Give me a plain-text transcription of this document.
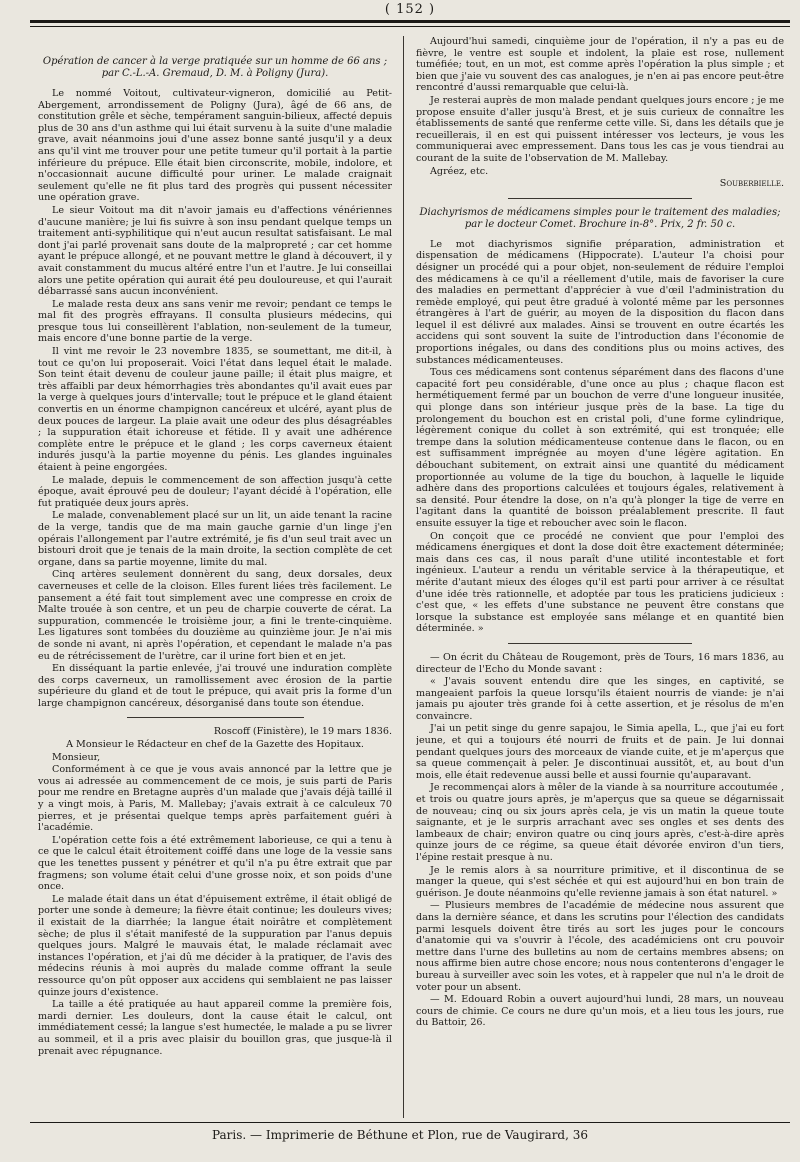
( 152 )

Opération de cancer à la verge pratiquée sur un homme de 66 ans ; par C.-L.-A. Gremaud, D. M. à Poligny (Jura).

Le nommé Voitout, cultivateur-vigneron, domicilié au Petit-Abergement, arrondissement de Poligny (Jura), âgé de 66 ans, de constitution grêle et sèche, tempérament sanguin-bilieux, affecté depuis plus de 30 ans d'un asthme qui lui était survenu à la suite d'une maladie grave, avait néanmoins joui d'une assez bonne santé jusqu'il y a deux ans qu'il vint me trouver pour une petite tumeur qu'il portait à la partie inférieure du prépuce. Elle était bien circonscrite, mobile, indolore, et n'occasionnait aucune difficulté pour uriner. Le malade craignait seulement qu'elle ne fit plus tard des progrès qui pussent nécessiter une opération grave.

Le sieur Voitout ma dit n'avoir jamais eu d'affections vénériennes d'aucune manière; je lui fis suivre à son insu pendant quelque temps un traitement anti-syphilitique qui n'eut aucun resultat satisfaisant. Le mal dont j'ai parlé provenait sans doute de la malpropreté ; car cet homme ayant le prépuce allongé, et ne pouvant mettre le gland à découvert, il y avait constamment du mucus altéré entre l'un et l'autre. Je lui conseillai alors une petite opération qui aurait été peu douloureuse, et qui l'aurait débarrassé sans aucun inconvénient.

Le malade resta deux ans sans venir me revoir; pendant ce temps le mal fit des progrès effrayans. Il consulta plusieurs médecins, qui presque tous lui conseillèrent l'ablation, non-seulement de la tumeur, mais encore d'une bonne partie de la verge.

Il vint me revoir le 23 novembre 1835, se soumettant, me dit-il, à tout ce qu'on lui proposerait. Voici l'état dans lequel était le malade. Son teint était devenu de couleur jaune paille; il était plus maigre, et très affaibli par deux hémorrhagies très abondantes qu'il avait eues par la verge à quelques jours d'intervalle; tout le prépuce et le gland étaient convertis en un énorme champignon cancéreux et ulcéré, ayant plus de deux pouces de largeur. La plaie avait une odeur des plus désagréables ; la suppuration était ichoreuse et fétide. Il y avait une adhérence complète entre le prépuce et le gland ; les corps caverneux étaient indurés jusqu'à la partie moyenne du pénis. Les glandes inguinales étaient à peine engorgées.

Le malade, depuis le commencement de son affection jusqu'à cette époque, avait éprouvé peu de douleur; l'ayant décidé à l'opération, elle fut pratiquée deux jours après.

Le malade, convenablement placé sur un lit, un aide tenant la racine de la verge, tandis que de ma main gauche garnie d'un linge j'en opérais l'allongement par l'autre extrémité, je fis d'un seul trait avec un bistouri droit que je tenais de la main droite, la section complète de cet organe, dans sa partie moyenne, limite du mal.

Cinq artères seulement donnèrent du sang, deux dorsales, deux caverneuses et celle de la cloison. Elles furent liées très facilement. Le pansement a été fait tout simplement avec une compresse en croix de Malte trouée à son centre, et un peu de charpie couverte de cérat. La suppuration, commencée le troisième jour, a fini le trente-cinquième. Les ligatures sont tombées du douzième au quinzième jour. Je n'ai mis de sonde ni avant, ni après l'opération, et cependant le malade n'a pas eu de rétrécissement de l'urètre, car il urine fort bien et en jet.

En disséquant la partie enlevée, j'ai trouvé une induration complète des corps caverneux, un ramollissement avec érosion de la partie supérieure du gland et de tout le prépuce, qui avait pris la forme d'un large champignon cancéreux, désorganisé dans toute son étendue.

Roscoff (Finistère), le 19 mars 1836.

A Monsieur le Rédacteur en chef de la Gazette des Hopitaux.

Monsieur,

Conformément à ce que je vous avais annoncé par la lettre que je vous ai adressée au commencement de ce mois, je suis parti de Paris pour me rendre en Bretagne auprès d'un malade que j'avais déjà taillé il y a vingt mois, à Paris, M. Mallebay; j'avais extrait à ce calculeux 70 pierres, et je présentai quelque temps après parfaitement guéri à l'académie.

L'opération cette fois a été extrêmement laborieuse, ce qui a tenu à ce que le calcul était étroitement coiffé dans une loge de la vessie sans que les tenettes pussent y pénétrer et qu'il n'a pu être extrait que par fragmens; son volume était celui d'une grosse noix, et son poids d'une once.

Le malade était dans un état d'épuisement extrême, il était obligé de porter une sonde à demeure; la fièvre était continue; les douleurs vives; il existait de la diarrhée; la langue était noirâtre et complètement sèche; de plus il s'était manifesté de la suppuration par l'anus depuis quelques jours. Malgré le mauvais état, le malade réclamait avec instances l'opération, et j'ai dû me décider à la pratiquer, de l'avis des médecins réunis à moi auprès du malade comme offrant la seule ressource qu'on pût opposer aux accidens qui semblaient ne pas laisser quinze jours d'existence.

La taille a été pratiquée au haut appareil comme la première fois, mardi dernier. Les douleurs, dont la cause était le calcul, ont immédiatement cessé; la langue s'est humectée, le malade a pu se livrer au sommeil, et il a pris avec plaisir du bouillon gras, que jusque-là il prenait avec répugnance.

Aujourd'hui samedi, cinquième jour de l'opération, il n'y a pas eu de fièvre, le ventre est souple et indolent, la plaie est rose, nullement tuméfiée; tout, en un mot, est comme après l'opération la plus simple ; et bien que j'aie vu souvent des cas analogues, je n'en ai pas encore peut-être rencontré d'aussi remarquable que celui-là.

Je resterai auprès de mon malade pendant quelques jours encore ; je me propose ensuite d'aller jusqu'à Brest, et je suis curieux de connaître les établissements de santé que renferme cette ville. Si, dans les détails que je recueillerais, il en est qui puissent intéresser vos lecteurs, je vous les communiquerai avec empressement. Dans tous les cas je vous tiendrai au courant de la suite de l'observation de M. Mallebay.

Agréez, etc.

Souberbielle.

Diachyrismos de médicamens simples pour le traitement des maladies; par le docteur Comet. Brochure in-8°. Prix, 2 fr. 50 c.

Le mot diachyrismos signifie préparation, administration et dispensation de médicamens (Hippocrate). L'auteur l'a choisi pour désigner un procédé qui a pour objet, non-seulement de réduire l'emploi des médicamens à ce qu'il a réellement d'utile, mais de favoriser la cure des maladies en permettant d'apprécier à vue d'œil l'administration du remède employé, qui peut être gradué à volonté même par les personnes étrangères à l'art de guérir, au moyen de la disposition du flacon dans lequel il est délivré aux malades. Ainsi se trouvent en outre écartés les accidens qui sont souvent la suite de l'introduction dans l'économie de proportions inégales, ou dans des conditions plus ou moins actives, des substances médicamenteuses.

Tous ces médicamens sont contenus séparément dans des flacons d'une capacité fort peu considérable, d'une once au plus ; chaque flacon est hermétiquement fermé par un bouchon de verre d'une longueur inusitée, qui plonge dans son intérieur jusque près de la base. La tige du prolongement du bouchon est en cristal poli, d'une forme cylindrique, légèrement conique du collet à son extrémité, qui est tronquée; elle trempe dans la solution médicamenteuse contenue dans le flacon, ou en est suffisamment imprégnée au moyen d'une légère agitation. En débouchant subitement, on extrait ainsi une quantité du médicament proportionnée au volume de la tige du bouchon, à laquelle le liquide adhère dans des proportions calculées et toujours égales, relativement à sa densité. Pour étendre la dose, on n'a qu'à plonger la tige de verre en l'agitant dans la quantité de boisson préalablement prescrite. Il faut ensuite essuyer la tige et reboucher avec soin le flacon.

On conçoit que ce procédé ne convient que pour l'emploi des médicamens énergiques et dont la dose doit être exactement déterminée; mais dans ces cas, il nous paraît d'une utilité incontestable et fort ingénieux. L'auteur a rendu un véritable service à la thérapeutique, et mérite d'autant mieux des éloges qu'il est parti pour arriver à ce résultat d'une idée très rationnelle, et adoptée par tous les praticiens judicieux : c'est que, « les effets d'une substance ne peuvent être constans que lorsque la substance est employée sans mélange et en quantité bien déterminée. »

— On écrit du Château de Rougemont, près de Tours, 16 mars 1836, au directeur de l'Echo du Monde savant :

« J'avais souvent entendu dire que les singes, en captivité, se mangeaient parfois la queue lorsqu'ils étaient nourris de viande: je n'ai jamais pu ajouter très grande foi à cette assertion, et je résolus de m'en convaincre.

J'ai un petit singe du genre sapajou, le Simia apella, L., que j'ai eu fort jeune, et qui a toujours été nourri de fruits et de pain. Je lui donnai pendant quelques jours des morceaux de viande cuite, et je m'aperçus que sa queue commençait à peler. Je discontinuai aussitôt, et, au bout d'un mois, elle était redevenue aussi belle et aussi fournie qu'auparavant.

Je recommençai alors à mêler de la viande à sa nourriture accoutumée , et trois ou quatre jours après, je m'aperçus que sa queue se dégarnissait de nouveau; cinq ou six jours après cela, je vis un matin la queue toute saignante, et je le surpris arrachant avec ses ongles et ses dents des lambeaux de chair; environ quatre ou cinq jours après, c'est-à-dire après quinze jours de ce régime, sa queue était dévorée environ d'un tiers, l'épine restait presque à nu.

Je le remis alors à sa nourriture primitive, et il discontinua de se manger la queue, qui s'est séchée et qui est aujourd'hui en bon train de guérison. Je doute néanmoins qu'elle revienne jamais à son état naturel. »

— Plusieurs membres de l'académie de médecine nous assurent que dans la dernière séance, et dans les scrutins pour l'élection des candidats parmi lesquels doivent être tirés au sort les juges pour le concours d'anatomie qui va s'ouvrir à l'école, des académiciens ont cru pouvoir mettre dans l'urne des bulletins au nom de certains membres absens; on nous affirme bien autre chose encore; nous nous contenterons d'engager le bureau à surveiller avec soin les votes, et à rappeler que nul n'a le droit de voter pour un absent.

— M. Edouard Robin a ouvert aujourd'hui lundi, 28 mars, un nouveau cours de chimie. Ce cours ne dure qu'un mois, et a lieu tous les jours, rue du Battoir, 26.

Paris. — Imprimerie de Béthune et Plon, rue de Vaugirard, 36
